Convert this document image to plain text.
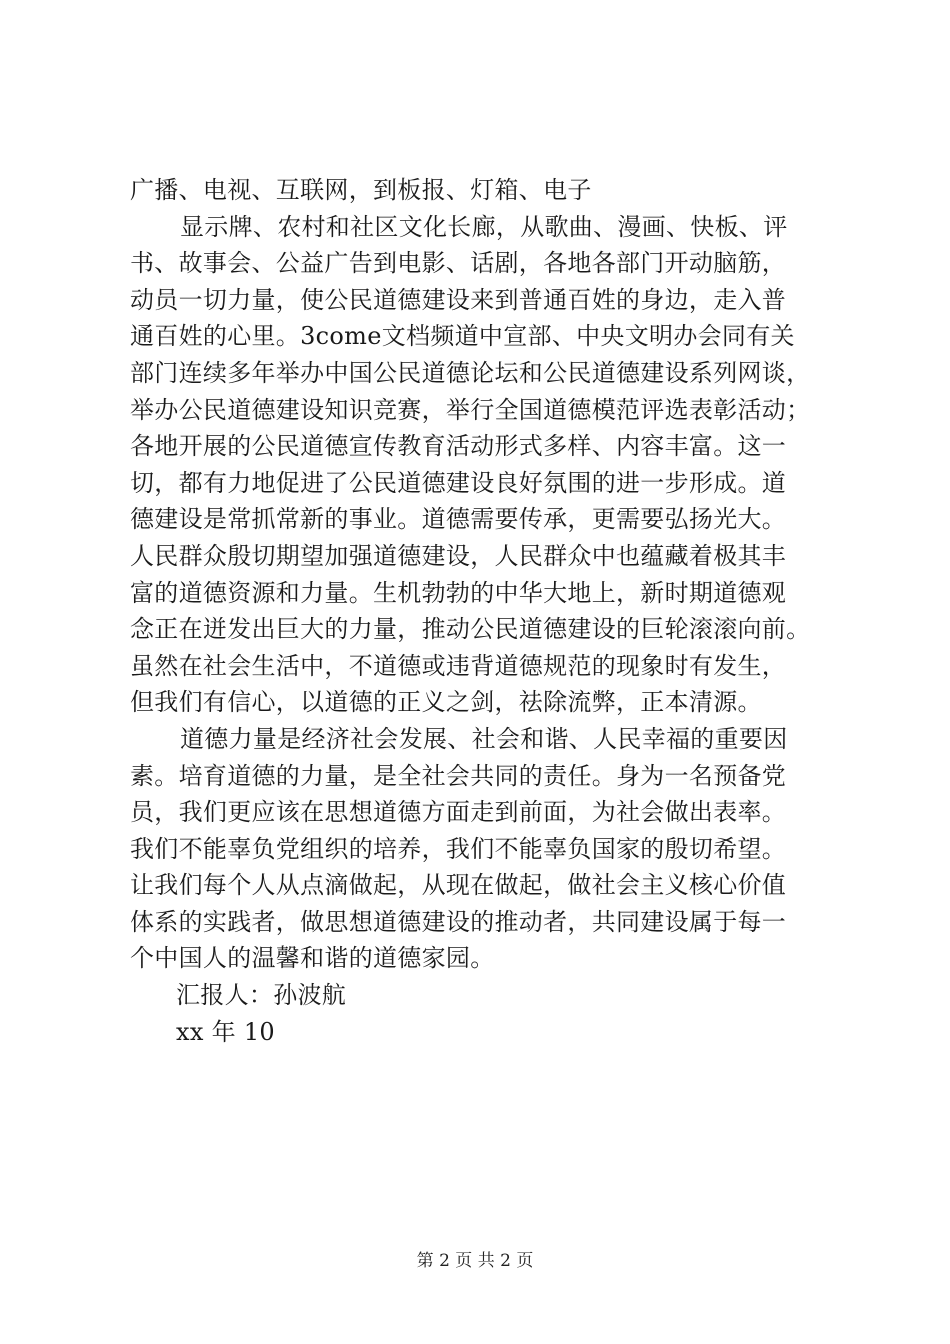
广播、电视、互联网，到板报、灯箱、电子
显示牌、农村和社区文化长廊，从歌曲、漫画、快板、评
书、故事会、公益广告到电影、话剧，各地各部门开动脑筋，
动员一切力量，使公民道德建设来到普通百姓的身边，走入普
通百姓的心里。3come文档频道中宣部、中央文明办会同有关
部门连续多年举办中国公民道德论坛和公民道德建设系列网谈，
举办公民道德建设知识竞赛，举行全国道德模范评选表彰活动；
各地开展的公民道德宣传教育活动形式多样、内容丰富。这一
切，都有力地促进了公民道德建设良好氛围的进一步形成。道
德建设是常抓常新的事业。道德需要传承，更需要弘扬光大。
人民群众殷切期望加强道德建设，人民群众中也蕴藏着极其丰
富的道德资源和力量。生机勃勃的中华大地上，新时期道德观
念正在迸发出巨大的力量，推动公民道德建设的巨轮滚滚向前。
虽然在社会生活中，不道德或违背道德规范的现象时有发生，
但我们有信心，以道德的正义之剑，祛除流弊，正本清源。
道德力量是经济社会发展、社会和谐、人民幸福的重要因
素。培育道德的力量，是全社会共同的责任。身为一名预备党
员，我们更应该在思想道德方面走到前面，为社会做出表率。
我们不能辜负党组织的培养，我们不能辜负国家的殷切希望。
让我们每个人从点滴做起，从现在做起，做社会主义核心价值
体系的实践者，做思想道德建设的推动者，共同建设属于每一
个中国人的温馨和谐的道德家园。
汇报人：孙波航
xx 年 10
第 2 页 共 2 页
